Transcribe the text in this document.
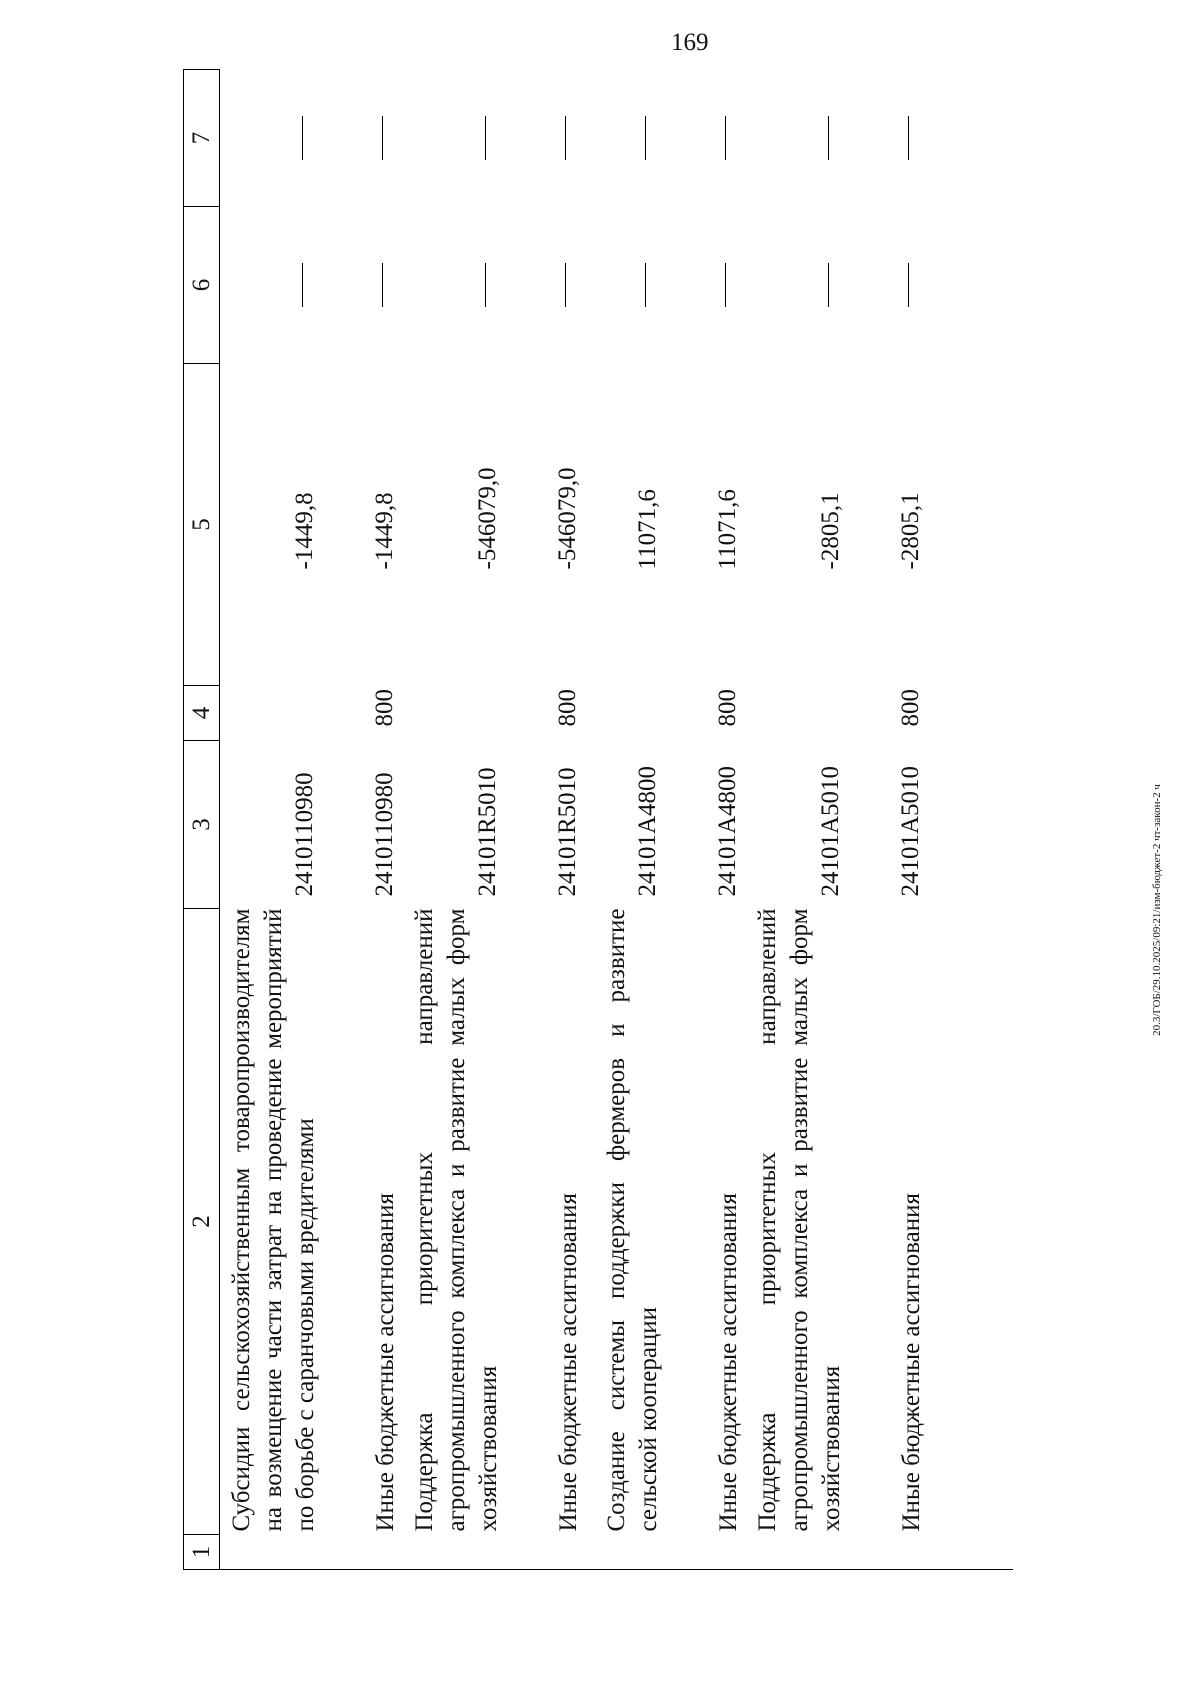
169
20.3/ГОБ/29.10.2025/09:21/изм-бюджет-2 чт-закон-2 ч
1	2	3	4	5	6	7
Субсидии сельскохозяйственным товаропроизводителям на возмещение части затрат на проведение мероприятий по борьбе с саранчовыми вредителями		2410110980		-1449,8		
Иные бюджетные ассигнования		2410110980	800	-1449,8		
Поддержка приоритетных направлений агропромышленного комплекса и развитие малых форм хозяйствования		24101R5010		-546079,0		
Иные бюджетные ассигнования		24101R5010	800	-546079,0		
Создание системы поддержки фермеров и развитие сельской кооперации		24101A4800		11071,6		
Иные бюджетные ассигнования		24101A4800	800	11071,6		
Поддержка приоритетных направлений агропромышленного комплекса и развитие малых форм хозяйствования		24101A5010		-2805,1		
Иные бюджетные ассигнования		24101A5010	800	-2805,1		
